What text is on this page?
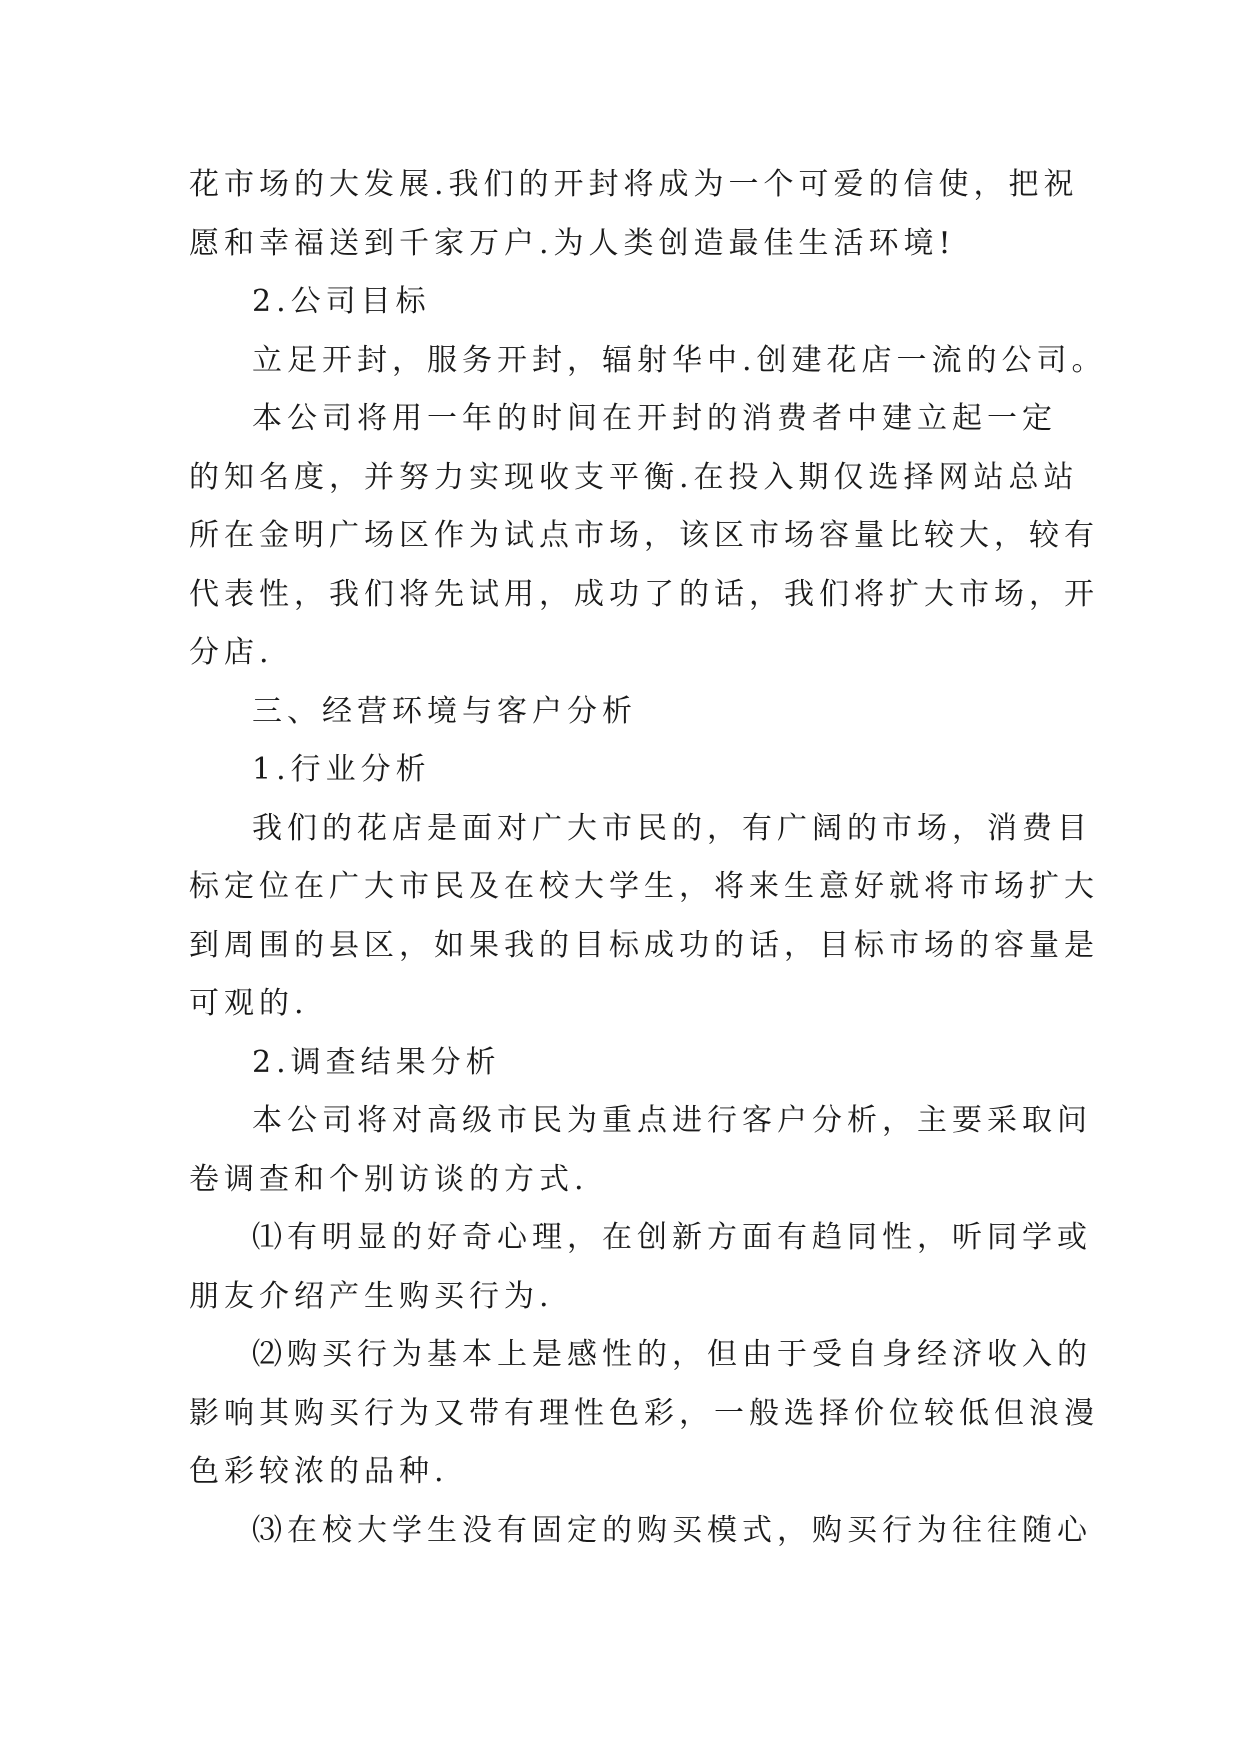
花市场的大发展.我们的开封将成为一个可爱的信使，把祝
愿和幸福送到千家万户.为人类创造最佳生活环境!
2.公司目标
立足开封，服务开封，辐射华中.创建花店一流的公司。
本公司将用一年的时间在开封的消费者中建立起一定
的知名度，并努力实现收支平衡.在投入期仅选择网站总站
所在金明广场区作为试点市场，该区市场容量比较大，较有
代表性，我们将先试用，成功了的话，我们将扩大市场，开
分店.
三、经营环境与客户分析
1.行业分析
我们的花店是面对广大市民的，有广阔的市场，消费目
标定位在广大市民及在校大学生，将来生意好就将市场扩大
到周围的县区，如果我的目标成功的话，目标市场的容量是
可观的.
2.调查结果分析
本公司将对高级市民为重点进行客户分析，主要采取问
卷调查和个别访谈的方式.
⑴有明显的好奇心理，在创新方面有趋同性，听同学或
朋友介绍产生购买行为.
⑵购买行为基本上是感性的，但由于受自身经济收入的
影响其购买行为又带有理性色彩，一般选择价位较低但浪漫
色彩较浓的品种.
⑶在校大学生没有固定的购买模式，购买行为往往随心
